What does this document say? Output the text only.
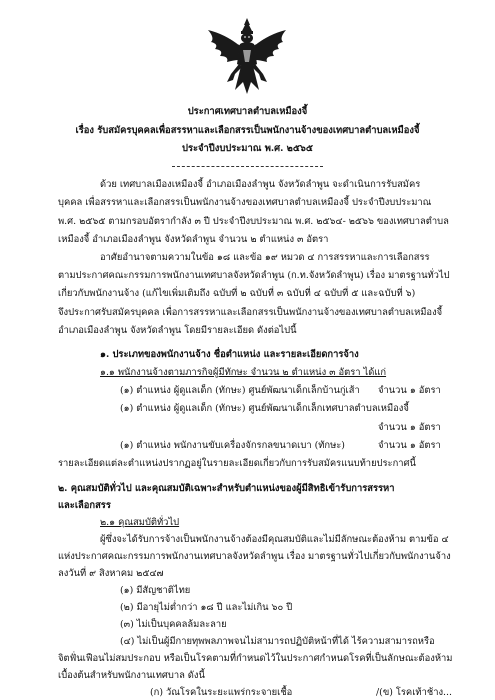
ประกาศเทศบาลตำบลเหมืองจี้
เรื่อง รับสมัครบุคคลเพื่อสรรหาและเลือกสรรเป็นพนักงานจ้างของเทศบาลตำบลเหมืองจี้
ประจำปีงบประมาณ พ.ศ. ๒๕๖๕
ด้วย เทศบาลเมืองเหมืองจี้ อำเภอเมืองลำพูน จังหวัดลำพูน จะดำเนินการรับสมัคร
บุคคล เพื่อสรรหาและเลือกสรรเป็นพนักงานจ้างของเทศบาลตำบลเหมืองจี้ ประจำปีงบประมาณ
พ.ศ. ๒๕๖๕ ตามกรอบอัตรากำลัง ๓ ปี ประจำปีงบประมาณ พ.ศ. ๒๕๖๔- ๒๕๖๖ ของเทศบาลตำบล
เหมืองจี้ อำเภอเมืองลำพูน จังหวัดลำพูน จำนวน ๒ ตำแหน่ง ๓ อัตรา
อาศัยอำนาจตามความในข้อ ๑๘ และข้อ ๑๙ หมวด ๔ การสรรหาและการเลือกสรร
ตามประกาศคณะกรรมการพนักงานเทศบาลจังหวัดลำพูน (ก.ท.จังหวัดลำพูน) เรื่อง มาตรฐานทั่วไป
เกี่ยวกับพนักงานจ้าง (แก้ไขเพิ่มเติมถึง ฉบับที่ ๒ ฉบับที่ ๓ ฉบับที่ ๔ ฉบับที่ ๕ และฉบับที่ ๖)
จึงประกาศรับสมัครบุคคล เพื่อการสรรหาและเลือกสรรเป็นพนักงานจ้างของเทศบาลตำบลเหมืองจี้
อำเภอเมืองลำพูน จังหวัดลำพูน โดยมีรายละเอียด ดังต่อไปนี้
๑. ประเภทของพนักงานจ้าง ชื่อตำแหน่ง และรายละเอียดการจ้าง
๑.๑ พนักงานจ้างตามภารกิจผู้มีทักษะ จำนวน ๒ ตำแหน่ง ๓ อัตรา ได้แก่
(๑) ตำแหน่ง ผู้ดูแลเด็ก (ทักษะ) ศูนย์พัฒนาเด็กเล็กบ้านกู่เส้า จำนวน ๑ อัตรา
(๑) ตำแหน่ง ผู้ดูแลเด็ก (ทักษะ) ศูนย์พัฒนาเด็กเล็กเทศบาลตำบลเหมืองจี้
จำนวน ๑ อัตรา
(๑) ตำแหน่ง พนักงานขับเครื่องจักรกลขนาดเบา (ทักษะ)	จำนวน ๑ อัตรา
รายละเอียดแต่ละตำแหน่งปรากฏอยู่ในรายละเอียดเกี่ยวกับการรับสมัครแนบท้ายประกาศนี้
๒. คุณสมบัติทั่วไป และคุณสมบัติเฉพาะสำหรับตำแหน่งของผู้มีสิทธิเข้ารับการสรรหา
และเลือกสรร
๒.๑ คุณสมบัติทั่วไป
ผู้ซึ่งจะได้รับการจ้างเป็นพนักงานจ้างต้องมีคุณสมบัติและไม่มีลักษณะต้องห้าม ตามข้อ ๔
แห่งประกาศคณะกรรมการพนักงานเทศบาลจังหวัดลำพูน เรื่อง มาตรฐานทั่วไปเกี่ยวกับพนักงานจ้าง
ลงวันที่ ๙ สิงหาคม ๒๕๔๗
(๑) มีสัญชาติไทย
(๒) มีอายุไม่ต่ำกว่า ๑๘ ปี และไม่เกิน ๖๐ ปี
(๓) ไม่เป็นบุคคลล้มละลาย
(๔) ไม่เป็นผู้มีกายทุพพลภาพจนไม่สามารถปฏิบัติหน้าที่ได้ ไร้ความสามารถหรือ
จิตฟั่นเฟือนไม่สมประกอบ หรือเป็นโรคตามที่กำหนดไว้ในประกาศกำหนดโรคที่เป็นลักษณะต้องห้าม
เบื้องต้นสำหรับพนักงานเทศบาล ดังนี้
(ก) วัณโรคในระยะแพร่กระจายเชื้อ	/(ข) โรคเท้าช้าง...
